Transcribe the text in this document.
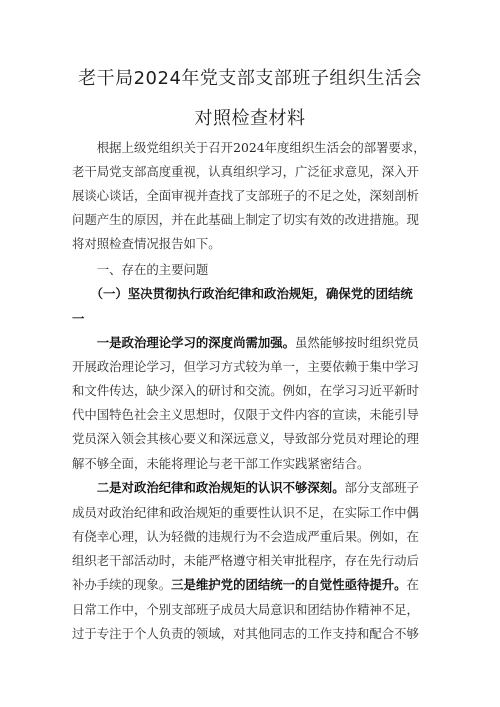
老干局2024年党支部支部班子组织生活会
对照检查材料
　　根据上级党组织关于召开2024年度组织生活会的部署要求，
老干局党支部高度重视，认真组织学习，广泛征求意见，深入开
展谈心谈话，全面审视并查找了支部班子的不足之处，深刻剖析
问题产生的原因，并在此基础上制定了切实有效的改进措施。现
将对照检查情况报告如下。
　　一、存在的主要问题
　　（一）坚决贯彻执行政治纪律和政治规矩，确保党的团结统
一
　　一是政治理论学习的深度尚需加强。虽然能够按时组织党员
开展政治理论学习，但学习方式较为单一，主要依赖于集中学习
和文件传达，缺少深入的研讨和交流。例如，在学习习近平新时
代中国特色社会主义思想时，仅限于文件内容的宣读，未能引导
党员深入领会其核心要义和深远意义，导致部分党员对理论的理
解不够全面，未能将理论与老干部工作实践紧密结合。
　　二是对政治纪律和政治规矩的认识不够深刻。部分支部班子
成员对政治纪律和政治规矩的重要性认识不足，在实际工作中偶
有侥幸心理，认为轻微的违规行为不会造成严重后果。例如，在
组织老干部活动时，未能严格遵守相关审批程序，存在先行动后
补办手续的现象。三是维护党的团结统一的自觉性亟待提升。在
日常工作中，个别支部班子成员大局意识和团结协作精神不足，
过于专注于个人负责的领域，对其他同志的工作支持和配合不够
